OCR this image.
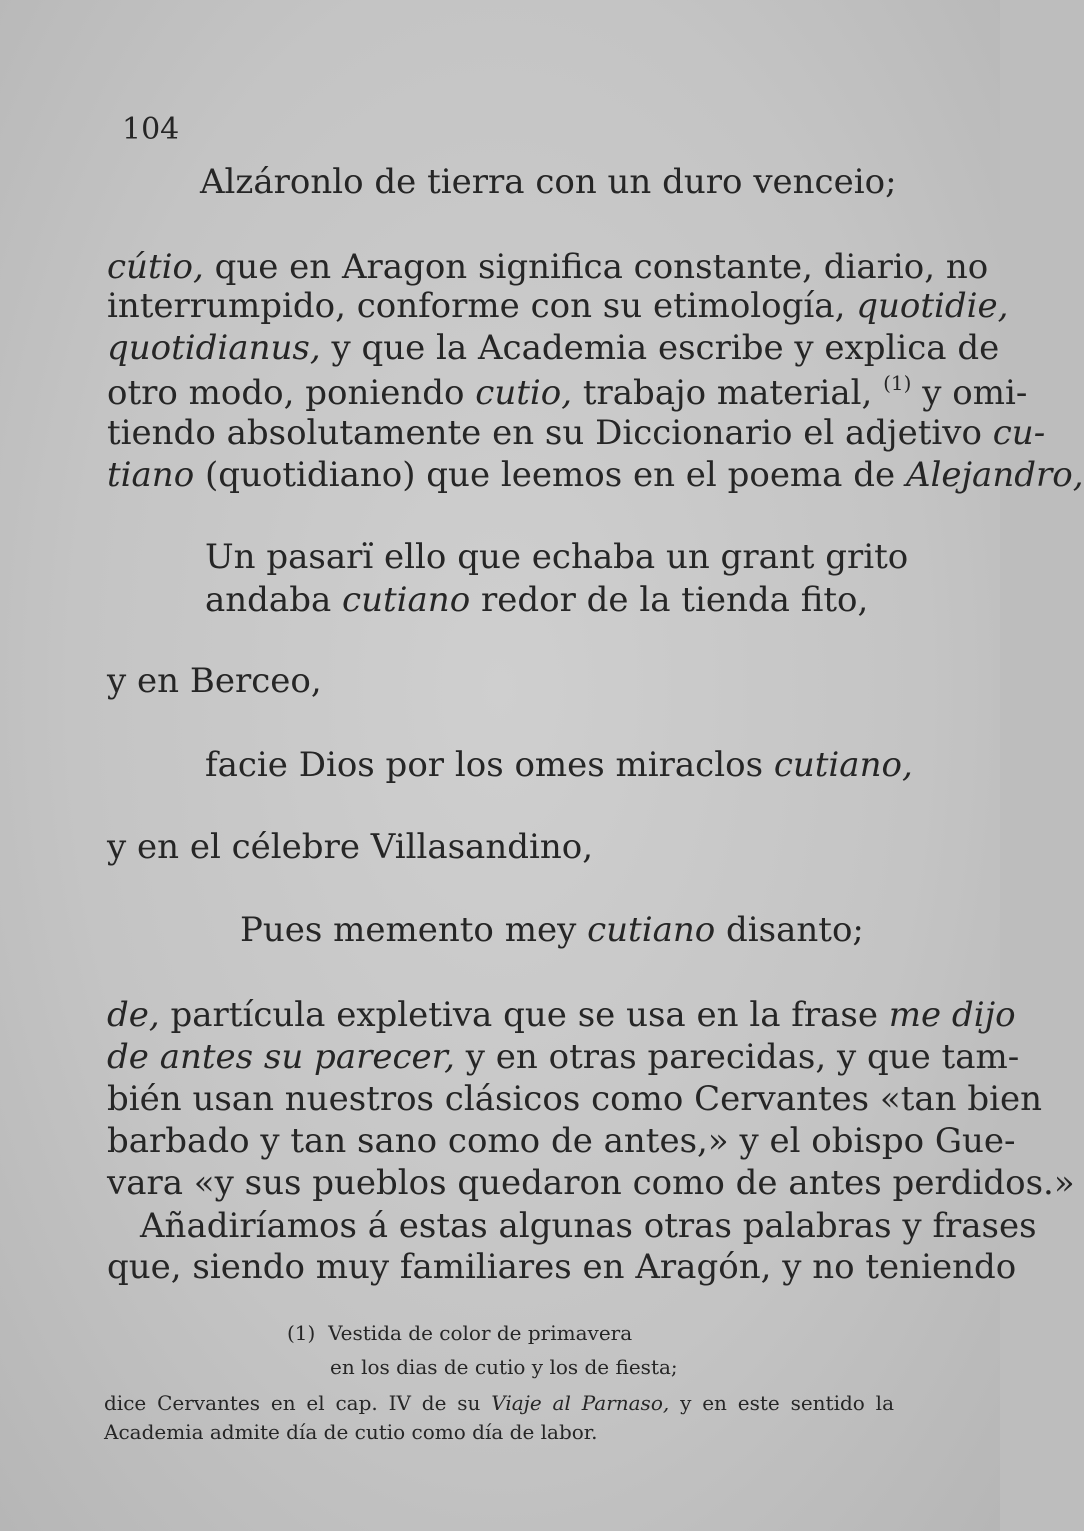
104
Alzáronlo de tierra con un duro venceio;
cútio, que en Aragon significa constante, diario, no
interrumpido, conforme con su etimología, quotidie,
quotidianus, y que la Academia escribe y explica de
otro modo, poniendo cutio, trabajo material, $^{(1)}$ y omi-
tiendo absolutamente en su Diccionario el adjetivo cu-
tiano (quotidiano) que leemos en el poema de Alejandro,
Un pasarï ello que echaba un grant grito
andaba cutiano redor de la tienda fito,
y en Berceo,
facie Dios por los omes miraclos cutiano,
y en el célebre Villasandino,
Pues memento mey cutiano disanto;
de, partícula expletiva que se usa en la frase me dijo
de antes su parecer, y en otras parecidas, y que tam-
bién usan nuestros clásicos como Cervantes «tan bien
barbado y tan sano como de antes,» y el obispo Gue-
vara «y sus pueblos quedaron como de antes perdidos.»
Añadiríamos á estas algunas otras palabras y frases
que, siendo muy familiares en Aragón, y no teniendo
(1) Vestida de color de primavera
en los dias de cutio y los de fiesta;
dice Cervantes en el cap. IV de su Viaje al Parnaso, y en este sentido la
Academia admite día de cutio como día de labor.
